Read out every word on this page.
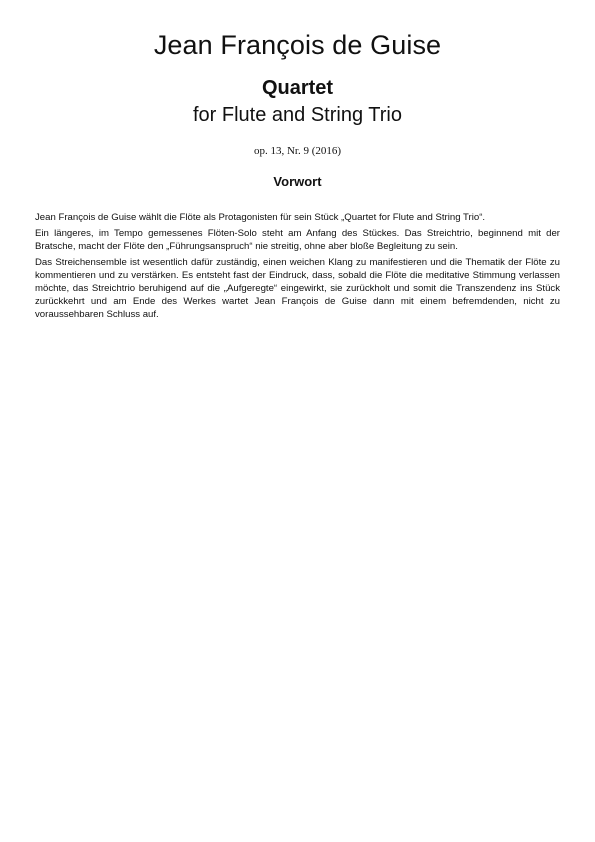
Jean François de Guise
Quartet
for Flute and String Trio
op. 13, Nr. 9 (2016)
Vorwort

Jean François de Guise wählt die Flöte als Protagonisten für sein Stück „Quartet for Flute and String Trio“.

Ein längeres, im Tempo gemessenes Flöten-Solo steht am Anfang des Stückes. Das Streichtrio, beginnend mit der Bratsche, macht der Flöte den „Führungsanspruch“ nie streitig, ohne aber bloße Begleitung zu sein.

Das Streichensemble ist wesentlich dafür zuständig, einen weichen Klang zu manifestieren und die Thematik der Flöte zu kommentieren und zu verstärken. Es entsteht fast der Eindruck, dass, sobald die Flöte die meditative Stimmung verlassen möchte, das Streichtrio beruhigend auf die „Aufgeregte“ eingewirkt, sie zurückholt und somit die Transzendenz ins Stück zurückkehrt und am Ende des Werkes wartet Jean François de Guise dann mit einem befremdenden, nicht zu voraussehbaren Schluss auf.
